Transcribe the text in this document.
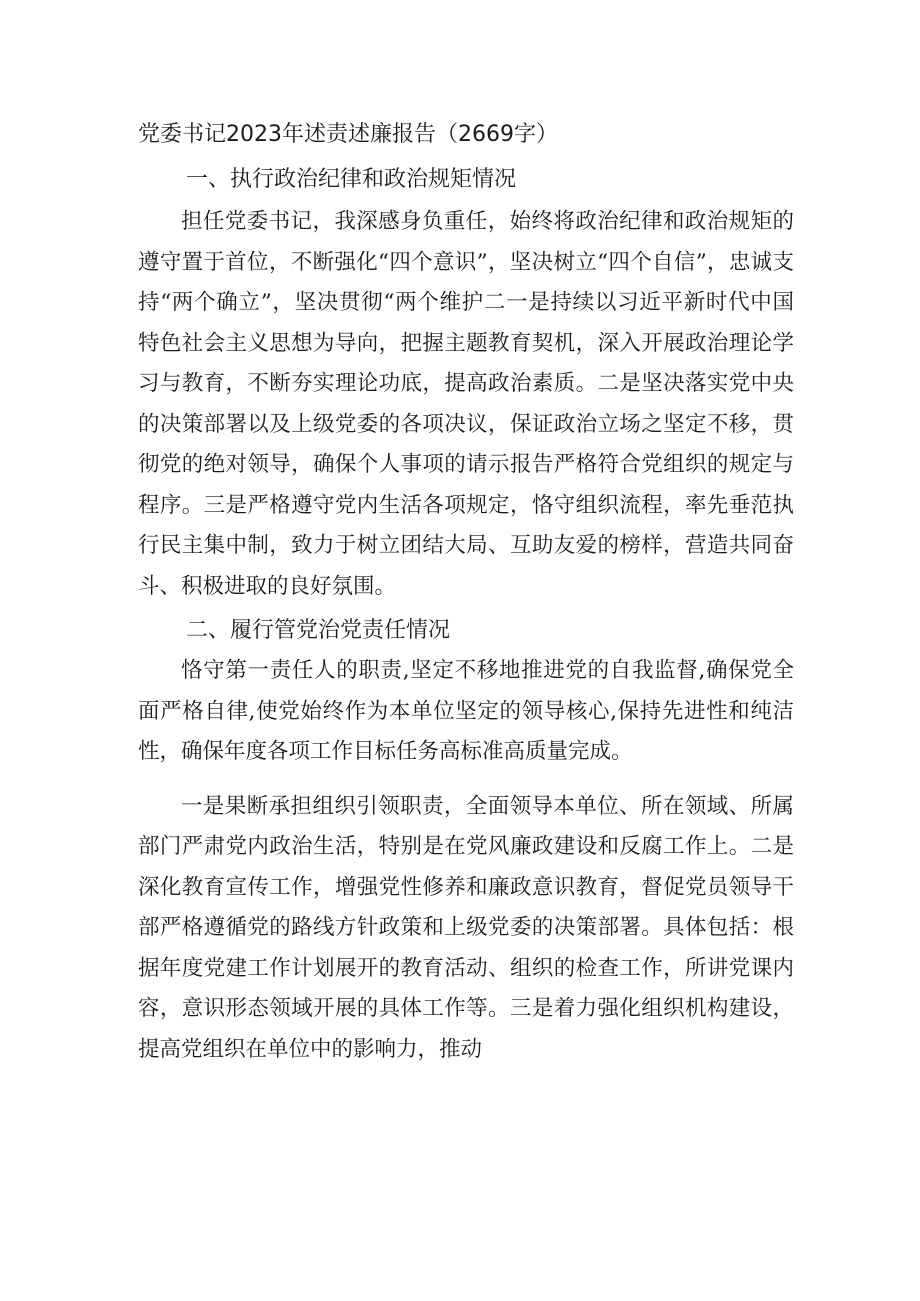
党委书记2023年述责述廉报告（2669字）
一、执行政治纪律和政治规矩情况

担任党委书记，我深感身负重任，始终将政治纪律和政治规矩的遵守置于首位，不断强化“四个意识”，坚决树立“四个自信”，忠诚支持“两个确立”，坚决贯彻“两个维护二一是持续以习近平新时代中国特色社会主义思想为导向，把握主题教育契机，深入开展政治理论学习与教育，不断夯实理论功底，提高政治素质。二是坚决落实党中央的决策部署以及上级党委的各项决议，保证政治立场之坚定不移，贯彻党的绝对领导，确保个人事项的请示报告严格符合党组织的规定与程序。三是严格遵守党内生活各项规定，恪守组织流程，率先垂范执行民主集中制，致力于树立团结大局、互助友爱的榜样，营造共同奋斗、积极进取的良好氛围。

二、履行管党治党责任情况

恪守第一责任人的职责,坚定不移地推进党的自我监督,确保党全面严格自律,使党始终作为本单位坚定的领导核心,保持先进性和纯洁性，确保年度各项工作目标任务高标准高质量完成。

一是果断承担组织引领职责，全面领导本单位、所在领域、所属部门严肃党内政治生活，特别是在党风廉政建设和反腐工作上。二是深化教育宣传工作，增强党性修养和廉政意识教育，督促党员领导干部严格遵循党的路线方针政策和上级党委的决策部署。具体包括：根据年度党建工作计划展开的教育活动、组织的检查工作，所讲党课内容，意识形态领域开展的具体工作等。三是着力强化组织机构建设，提高党组织在单位中的影响力，推动
